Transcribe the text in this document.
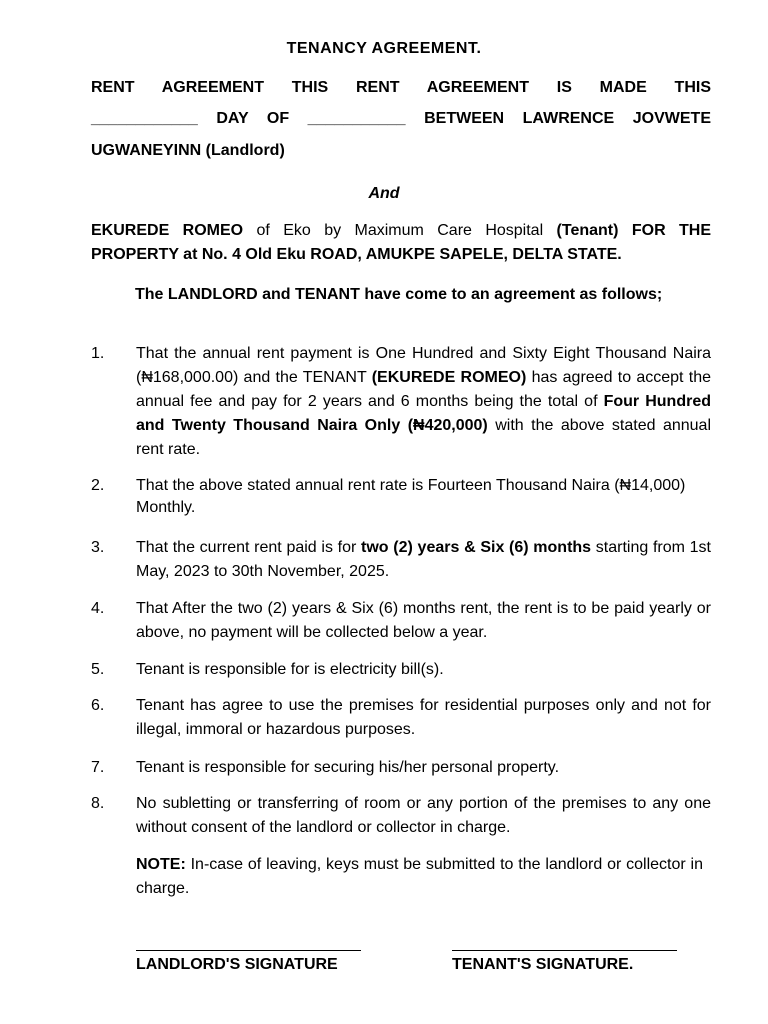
TENANCY AGREEMENT.
RENT AGREEMENT THIS RENT AGREEMENT IS MADE THIS
____________ DAY OF ___________ BETWEEN LAWRENCE JOVWETE
UGWANEYINN (Landlord)
And
EKUREDE ROMEO of Eko by Maximum Care Hospital (Tenant) FOR THE PROPERTY at No. 4 Old Eku ROAD, AMUKPE SAPELE, DELTA STATE.
The LANDLORD and TENANT have come to an agreement as follows;
1.	That the annual rent payment is One Hundred and Sixty Eight Thousand Naira (₦168,000.00) and the TENANT (EKUREDE ROMEO) has agreed to accept the annual fee and pay for 2 years and 6 months being the total of Four Hundred and Twenty Thousand Naira Only (₦420,000) with the above stated annual rent rate.
2.	That the above stated annual rent rate is Fourteen Thousand Naira (₦14,000) Monthly.
3.	That the current rent paid is for two (2) years & Six (6) months starting from 1st May, 2023 to 30th November, 2025.
4.	That After the two (2) years & Six (6) months rent, the rent is to be paid yearly or above, no payment will be collected below a year.
5.	Tenant is responsible for is electricity bill(s).
6.	Tenant has agree to use the premises for residential purposes only and not for illegal, immoral or hazardous purposes.
7.	Tenant is responsible for securing his/her personal property.
8.	No subletting or transferring of room or any portion of the premises to any one without consent of the landlord or collector in charge.
NOTE: In-case of leaving, keys must be submitted to the landlord or collector in charge.
LANDLORD'S SIGNATURE	TENANT'S SIGNATURE.
